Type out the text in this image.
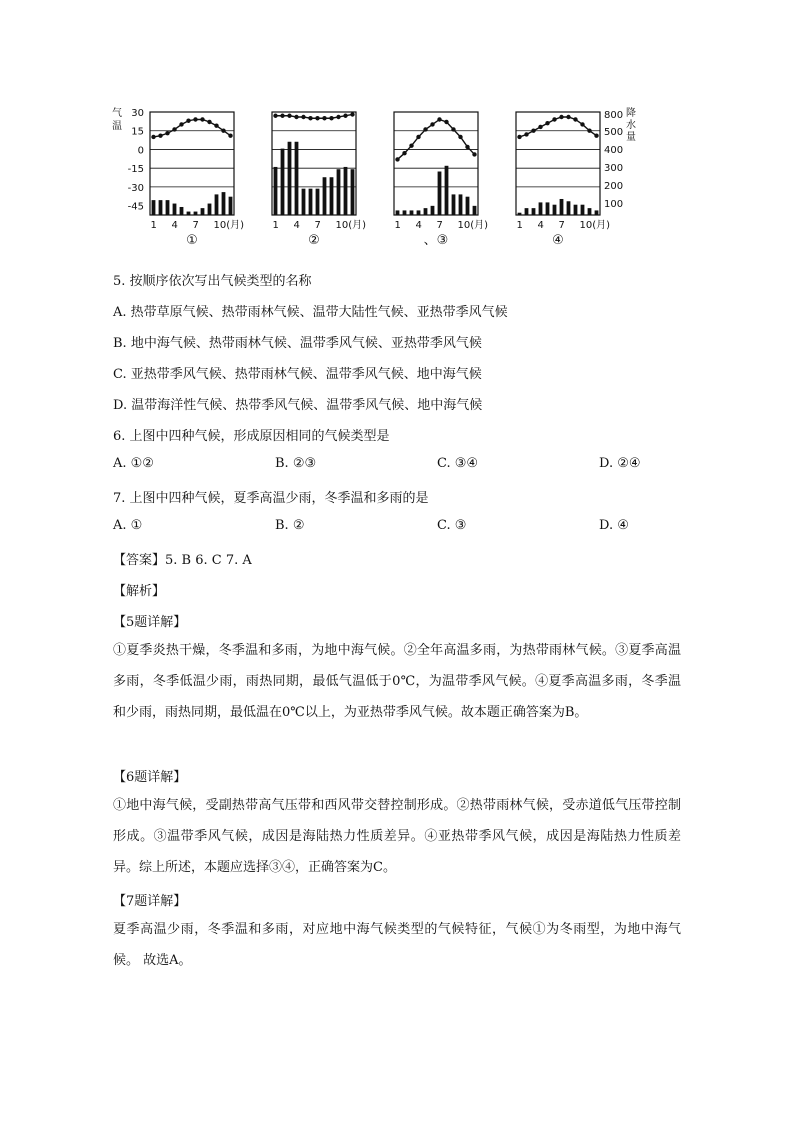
1 4 7 10(月)
①
30
15
0
-15
-30
-45
气
温
1 4 7 10(月)
②
1 4 7 10(月)
、③
1 4 7 10(月)
④
800
500
400
300
200
100
降
水
量
5. 按顺序依次写出气候类型的名称
A. 热带草原气候、热带雨林气候、温带大陆性气候、亚热带季风气候
B. 地中海气候、热带雨林气候、温带季风气候、亚热带季风气候
C. 亚热带季风气候、热带雨林气候、温带季风气候、地中海气候
D. 温带海洋性气候、热带季风气候、温带季风气候、地中海气候
6. 上图中四种气候，形成原因相同的气候类型是
A. ①②	B. ②③	C. ③④	D. ②④
7. 上图中四种气候，夏季高温少雨，冬季温和多雨的是
A. ①	B. ②	C. ③	D. ④
【答案】5. B 6. C 7. A
【解析】
【5题详解】
①夏季炎热干燥，冬季温和多雨，为地中海气候。②全年高温多雨，为热带雨林气候。③夏季高温多雨，冬季低温少雨，雨热同期，最低气温低于0℃，为温带季风气候。④夏季高温多雨，冬季温和少雨，雨热同期，最低温在0℃以上，为亚热带季风气候。故本题正确答案为B。
【6题详解】
①地中海气候，受副热带高气压带和西风带交替控制形成。②热带雨林气候，受赤道低气压带控制形成。③温带季风气候，成因是海陆热力性质差异。④亚热带季风气候，成因是海陆热力性质差异。综上所述，本题应选择③④，正确答案为C。
【7题详解】
夏季高温少雨，冬季温和多雨，对应地中海气候类型的气候特征，气候①为冬雨型，为地中海气候。 故选A。
